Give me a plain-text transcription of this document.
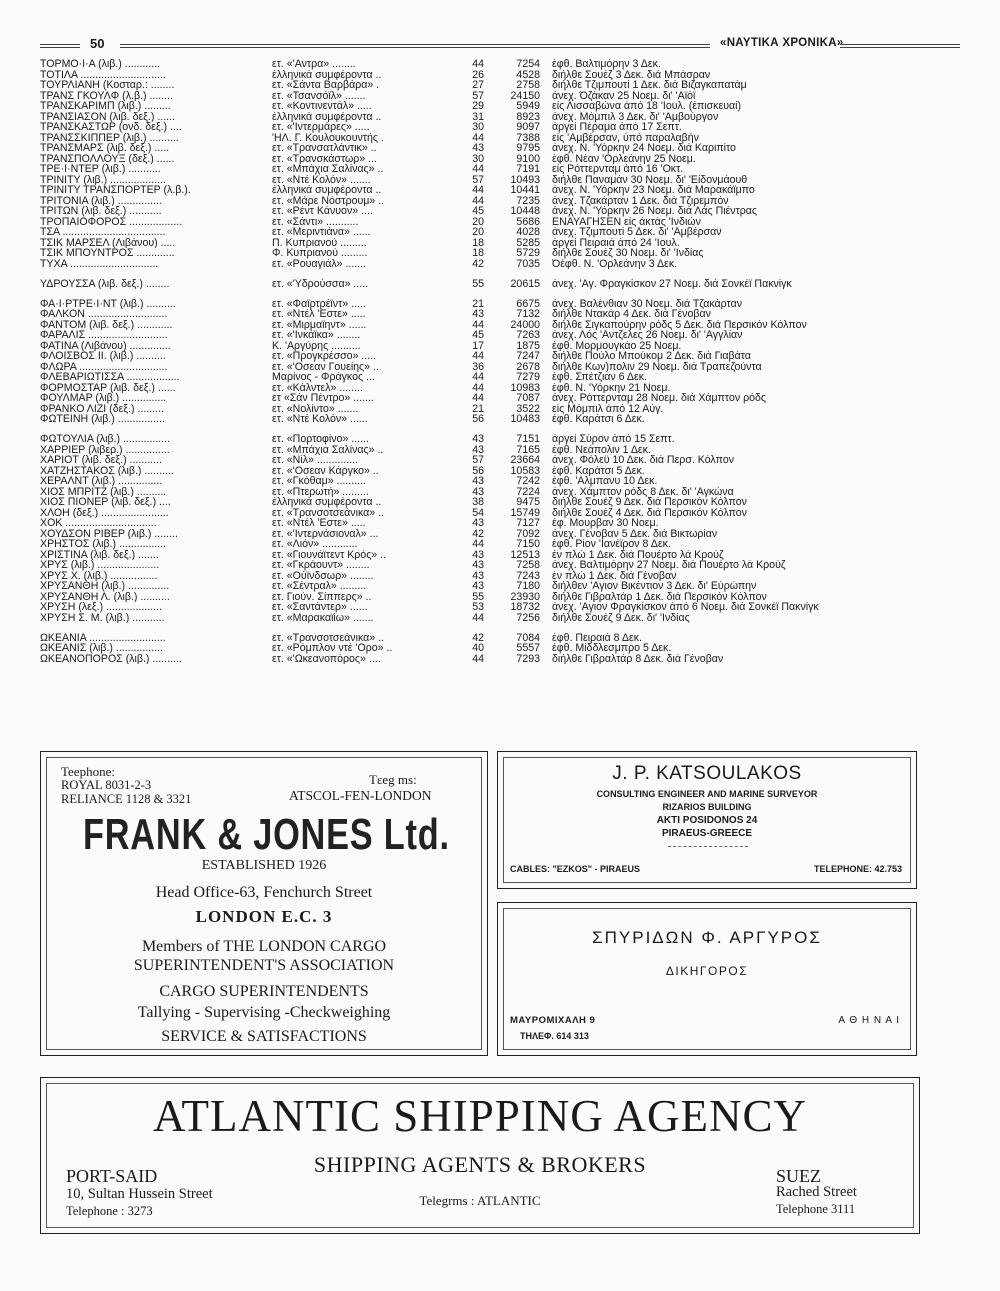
50	«ΝΑΥΤΙΚΑ ΧΡΟΝΙΚΑ»
ΤΟΡΜΟ·Ι·Α (λιβ.) ............	ετ. «'Αντρα» ........	44	7254	έφθ. Βαλτιμόρην 3 Δεκ.
ΤΟΤΙΛΑ .............................	έλληνικά συμφέροντα ..	26	4528	διήλθε Σουέζ 3 Δεκ. διά Μπάσραν
ΤΟΥΡΛΙΑΝΗ (Κοσταρ.: ........	ετ. «Σάντα Βαρβάρα» .	27	2758	διήλθε Τζιμπουτί 1 Δεκ. διά Βιζαγκαπατάμ
ΤΡΑΝΣ ΓΚΟΥΛΦ (λ.β.) ........	ετ. «Τσανσόϊλ» .......	57	24150	άνεχ. Όζάκαν 25 Νοεμ. δι' 'Αϊόϊ
ΤΡΑΝΣΚΑΡΙΜΠ (λιβ.) .........	ετ. «Κοντινεντάλ» .....	29	5949	είς Λισσαβώνα άπό 18 'Ιουλ. (έπισκευαί)
ΤΡΑΝΣΙΑΣΟΝ (λιβ. δεξ.) ......	έλληνικά συμφέροντα ..	31	8923	άνεχ. Μόμπιλ 3 Δεκ. δι' 'Αμβούργον
ΤΡΑΝΣΚΑΣΤΩΡ (ονδ. δεξ.) ....	ετ. «'Ιντερμάρες» .....	30	9097	άργεί Πέραμα άπό 17 Σεπτ.
ΤΡΑΝΣΣΚΙΠΠΕΡ (λιβ.) ..........	'ΗΛ. Γ. Κουλουκουντής .	44	7388	είς 'Αμβέρσαν, ύπό παραλαβήν
ΤΡΑΝΣΜΑΡΣ (λιβ. δεξ.) .....	ετ. «Τρανσατλάντικ» ..	43	9795	άνεχ. Ν. 'Υόρκην 24 Νοεμ. διά Καριπίτο
ΤΡΑΝΣΠΟΛΛΟΥΞ (δεξ.) ......	ετ. «Τρανσκάστωρ» ...	30	9100	έφθ. Νέαν 'Ορλεάνην 25 Νοεμ.
ΤΡΕ·Ι·ΝΤΕΡ (λιβ.) ...........	ετ. «Μπάχια Σαλίνας» ..	44	7191	είς Ρόττερνταμ άπό 16 'Οκτ.
ΤΡΙΝΙΤΥ (λιβ.) ...................	ετ. «Ντέ Κολόν» .......	57	10493	διήλθε Παναμάν 30 Νοεμ. δι' 'Είδονμάουθ
ΤΡΙΝΙΤΥ ΤΡΑΝΣΠΟΡΤΕΡ (λ.β.).	έλληνικά συμφέροντα ..	44	10441	άνεχ. Ν. 'Υόρκην 23 Νοεμ. διά Μαρακάϊμπο
ΤΡΙΤΟΝΙΑ (λιβ.) ...............	ετ. «Μάρε Νόστρουμ» ..	44	7235	άνεχ. Τζακάρταν 1 Δεκ. διά Τζιρεμπόν
ΤΡΙΤΩΝ (λιβ. δεξ.) ...........	ετ. «Ρέντ Κάνυον» ....	45	10448	άνεχ. Ν. 'Υόρκην 26 Νοεμ. διά Λάς Πιέντρας
ΤΡΟΠΑΙΟΦΟΡΟΣ ..................	ετ. «Σάντι» ...........	20	5686	ΕΝΑΥΑΓΗΣΕΝ είς άκτάς 'Ινδιών
ΤΣΑ ...................................	ετ. «Μεριντιάνα» ......	20	4028	άνεχ. Τζιμπουτί 5 Δεκ. δι' 'Αμβέρσαν
ΤΣΙΚ ΜΑΡΣΕΛ (Λιβάνου) .....	Π. Κυπριανού .........	18	5285	άργεί Πειραιά άπό 24 'Ιουλ.
ΤΣΙΚ ΜΠΟΥΝΤΡΟΣ .............	Φ. Κυπριανού .........	18	5729	διήλθε Σουέζ 30 Νοεμ. δι' 'Ινδίας
ΤΥΧΑ ..............................	ετ. «Ρουαγιάλ» .......	42	7035	Όέφθ. Ν. 'Ορλεάνην 3 Δεκ.

ΥΔΡΟΥΣΣΑ (λιβ. δεξ.) ........	ετ. «'Υδρούσσα» .....	55	20615	άνεχ. 'Αγ. Φραγκίσκον 27 Νοεμ. διά Σονκέϊ Πακνίγκ

ΦΑ·Ι·ΡΤΡΕ·Ι·ΝΤ (λιβ.) ..........	ετ. «Φαϊρτρέϊντ» .....	21	6675	άνεχ. Βαλένθιαν 30 Νοεμ. διά Τζακάρταν
ΦΑΛΚΟΝ ...........................	ετ. «Ντέλ 'Εστε» .....	43	7132	διήλθε Ντακάρ 4 Δεκ. διά Γένοβαν
ΦΑΝΤΟΜ (λιβ. δεξ.) ............	ετ. «Μιρμαϊηντ» ......	44	24000	διήλθε Σιγκαπούρην ρόδς 5 Δεκ. διά Περσικόν Κόλπον
ΦΑΡΑΛΙΣ ...........................	ετ. «'Ινκάϊκα» ........	45	7263	άνεχ. Λός 'Αντζελες 26 Νοεμ. δι' 'Αγγλίαν
ΦΑΤΙΝΑ (Λιβάνου) ..............	Κ. 'Αργύρης ..........	17	1875	έφθ. Μορμουγκάο 25 Νοεμ.
ΦΛΟΙΣΒΟΣ ΙΙ. (λιβ.) ..........	ετ. «Προγκρέσσο» .....	44	7247	διήλθε Πούλο Μπούκομ 2 Δεκ. διά Γιαβάτα
ΦΛΩΡΑ ..............................	ετ. «'Οσεαν Γουείης» ..	36	2678	διήλθε Κων)πολιν 29 Νοεμ. διά Τραπεζούντα
ΦΛΕΒΑΡΙΩΤΙΣΣΑ ..................	Μαρίνος - Φράγκος ...	44	7279	έφθ. Σπέτζιαν 6 Δεκ.
ΦΟΡΜΟΣΤΑΡ (λιβ. δεξ.) ......	ετ. «Κάλντελ» ........	44	10983	έφθ. Ν. 'Υόρκην 21 Νοεμ.
ΦΟΥΛΜΑΡ (λιβ.) ...............	ετ «Σάν Πέντρο» .......	44	7087	άνεχ. Ρόττερνταμ 28 Νοεμ. διά Χάμπτον ρόδς
ΦΡΑΝΚΟ ΛΙΖΙ (δεξ.) .........	ετ. «Νολίντο» .......	21	3522	είς Μόμπιλ άπό 12 Αύγ.
ΦΩΤΕΙΝΗ (λιβ.) ................	ετ. «Ντέ Κολόν» ......	56	10483	έφθ. Καράτσι 6 Δεκ.

ΦΩΤΟΥΛΙΑ (λιβ.) ................	ετ. «Πορτοφίνο» ......	43	7151	άργεί Σύρον άπό 15 Σεπτ.
ΧΑΡΡΙΕΡ (λιβερ.) ...............	ετ. «Μπάχια Σαλίνας» ..	43	7165	έφθ. Νεάπολιν 1 Δεκ.
ΧΑΡΙΟΤ (λιβ. δεξ.) ...........	ετ. «Νίλ» ..............	57	23664	άνεχ. Φόλεϋ 10 Δεκ. διά Περσ. Κόλπον
ΧΑΤΖΗΣΤΑΚΟΣ (λιβ.) ..........	ετ. «'Οσεαν Κάργκο» ..	56	10583	έφθ. Καράτσι 5 Δεκ.
ΧΕΡΑΛΝΤ (λιβ.) ...............	ετ. «Γκόθαμ» ..........	43	7242	έφθ. 'Αλμπανυ 10 Δεκ.
ΧΙΟΣ ΜΠΡΙΤΖ (λιβ.) ..........	ετ. «Πτερωτή» .........	43	7224	άνεχ. Χάμπτον ρόδς 8 Δεκ. δι' 'Αγκώνα
ΧΙΟΣ ΠΙΟΝΕΡ (λιβ. δεξ.) ....	έλληνικά συμφέροντα ..	38	9475	διήλθε Σουέζ 9 Δεκ. διά Περσικόν Κόλπον
ΧΛΟΗ (δεξ.) .......................	ετ. «Τρανσοτσεάνικα» ..	54	15749	διήλθε Σουέζ 4 Δεκ. διά Περσικόν Κόλπον
ΧΟΚ ...............................	ετ. «Ντέλ 'Εστε» .....	43	7127	έφ. Μουρβαν 30 Νοεμ.
ΧΟΥΔΣΟΝ ΡΙΒΕΡ (λιβ.) ........	ετ. «'Ιντερνάσιοναλ» ...	42	7092	άνεχ. Γένοβαν 5 Δεκ. διά Βικτωρίαν
ΧΡΗΣΤΟΣ (λιβ.) ................	ετ. «Λιόν» ............	44	7150	έφθ. Ρίον 'Ιανέϊρον 8 Δεκ.
ΧΡΙΣΤΙΝΑ (λιβ. δεξ.) .......	ετ. «Γιουνάϊτεντ Κρός» ..	43	12513	έν πλώ 1 Δεκ. διά Πουέρτο λά Κρούζ
ΧΡΥΣ (λιβ.) .....................	ετ. «Γκράουντ» ........	43	7258	άνεχ. Βαλτιμόρην 27 Νοεμ. διά Πουέρτο λά Κρούζ
ΧΡΥΣ Χ. (λιβ.) ................	ετ. «Ούϊνδσωρ» ........	43	7243	έν πλώ 1 Δεκ. διά Γένοβαν
ΧΡΥΣΑΝΘΗ (λιβ.) ..............	ετ. «Σέντραλ» .........	43	7180	διήλθεν 'Αγιον Βικέντιον 3 Δεκ. δι' Εύρώπην
ΧΡΥΣΑΝΘΗ Λ. (λιβ.) ..........	ετ. Γιούν. Σίππερς» ..	55	23930	διήλθε Γιβραλτάρ 1 Δεκ. διά Περσικόν Κόλπον
ΧΡΥΣΗ (λεξ.) ...................	ετ. «Σαντάντερ» ......	53	18732	άνεχ. 'Αγιον Φραγκίσκον άπό 6 Νοεμ. διά Σονκέϊ Πακνίγκ
ΧΡΥΣΗ Σ. Μ. (λιβ.) ...........	ετ. «Μαρακαϊίω» .......	44	7256	διήλθε Σουέζ 9 Δεκ. δι' 'Ινδίας

ΩΚΕΑΝΙΑ ..........................	ετ. «Τρανσοτσεάνικα» ..	42	7084	έφθ. Πειραιά 8 Δεκ.
ΩΚΕΑΝΙΣ (λιβ.) ................	ετ. «Ρόμπλον ντέ 'Ορο» ..	40	5557	έφθ. Μίδδλεσμπρο 5 Δεκ.
ΩΚΕΑΝΟΠΟΡΟΣ (λιβ.) ..........	ετ. «'Ωκεανοπόρος» ....	44	7293	διήλθε Γιβραλτάρ 8 Δεκ. διά Γένοβαν
Teephone:
ROYAL 8031-2-3
RELIANCE 1128 & 3321
Tεeg ms:
ATSCOL-FEN-LONDON
FRANK & JONES Ltd.
ESTABLISHED 1926
Head Office-63, Fenchurch Street
LONDON E.C. 3
Members of THE LONDON CARGO
SUPERINTENDENT'S ASSOCIATION
CARGO SUPERINTENDENTS
Tallying - Supervising -Checkweighing
SERVICE & SATISFACTIONS
J. P. KATSOULAKOS
CONSULTING ENGINEER AND MARINE SURVEYOR
RIZARIOS BUILDING
AKTI POSIDONOS 24
PIRAEUS-GREECE
CABLES: "EZKOS" - PIRAEUS	TELEPHONE: 42.753
ΣΠΥΡΙΔΩΝ Φ. ΑΡΓΥΡΟΣ
ΔΙΚΗΓΟΡΟΣ
ΜΑΥΡΟΜΙΧΑΛΗ 9	Α Θ Η Ν Α Ι
ΤΗΛΕΦ. 614 313
ATLANTIC SHIPPING AGENCY
SHIPPING AGENTS & BROKERS
PORT-SAID
10, Sultan Hussein Street
Telephone : 3273
Telegrms : ATLANTIC
SUEZ
Rached Street
Telephone 3111
